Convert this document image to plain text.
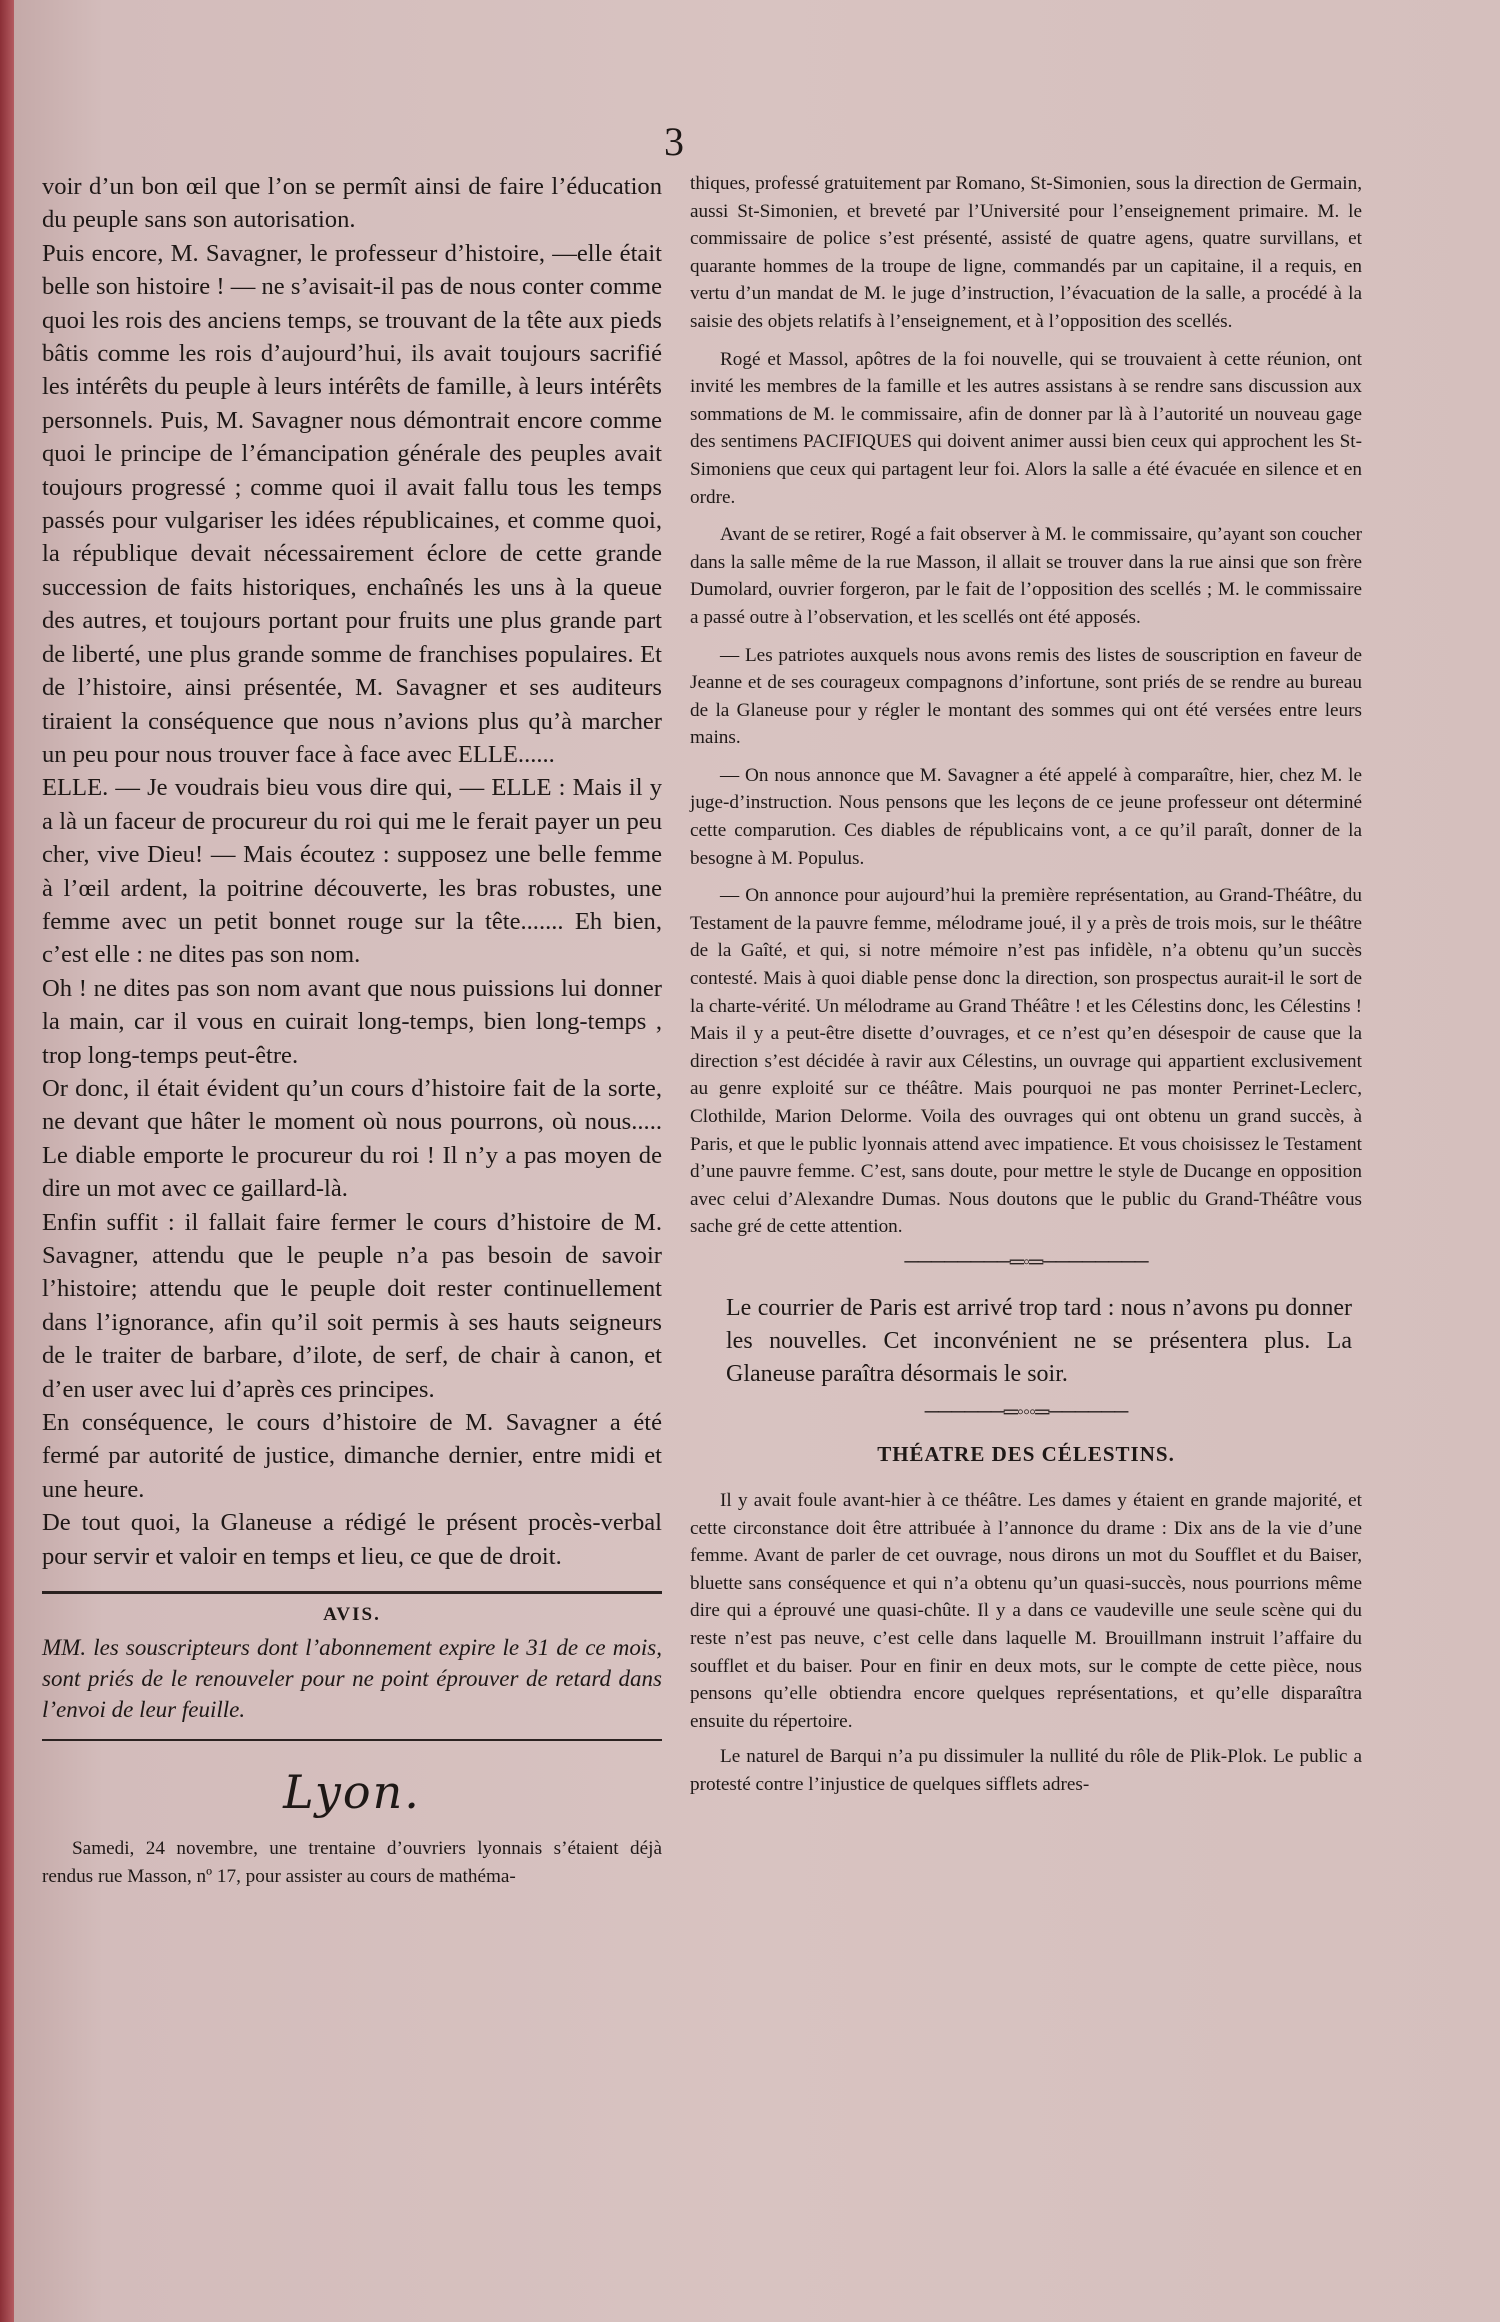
3

voir d’un bon œil que l’on se permît ainsi de faire l’éducation du peuple sans son autorisation.

Puis encore, M. Savagner, le professeur d’histoire, —elle était belle son histoire ! — ne s’avisait-il pas de nous conter comme quoi les rois des anciens temps, se trouvant de la tête aux pieds bâtis comme les rois d’aujourd’hui, ils avait toujours sacrifié les intérêts du peuple à leurs intérêts de famille, à leurs intérêts personnels. Puis, M. Savagner nous démontrait encore comme quoi le principe de l’émancipation générale des peuples avait toujours progressé ; comme quoi il avait fallu tous les temps passés pour vulgariser les idées républicaines, et comme quoi, la république devait nécessairement éclore de cette grande succession de faits historiques, enchaînés les uns à la queue des autres, et toujours portant pour fruits une plus grande part de liberté, une plus grande somme de franchises populaires. Et de l’histoire, ainsi présentée, M. Savagner et ses auditeurs tiraient la conséquence que nous n’avions plus qu’à marcher un peu pour nous trouver face à face avec ELLE......

ELLE. — Je voudrais bieu vous dire qui, — ELLE : Mais il y a là un faceur de procureur du roi qui me le ferait payer un peu cher, vive Dieu! — Mais écoutez : supposez une belle femme à l’œil ardent, la poitrine découverte, les bras robustes, une femme avec un petit bonnet rouge sur la tête....... Eh bien, c’est elle : ne dites pas son nom.

Oh ! ne dites pas son nom avant que nous puissions lui donner la main, car il vous en cuirait long-temps, bien long-temps , trop long-temps peut-être.

Or donc, il était évident qu’un cours d’histoire fait de la sorte, ne devant que hâter le moment où nous pourrons, où nous..... Le diable emporte le procureur du roi ! Il n’y a pas moyen de dire un mot avec ce gaillard-là.

Enfin suffit : il fallait faire fermer le cours d’histoire de M. Savagner, attendu que le peuple n’a pas besoin de savoir l’histoire; attendu que le peuple doit rester continuellement dans l’ignorance, afin qu’il soit permis à ses hauts seigneurs de le traiter de barbare, d’ilote, de serf, de chair à canon, et d’en user avec lui d’après ces principes.

En conséquence, le cours d’histoire de M. Savagner a été fermé par autorité de justice, dimanche dernier, entre midi et une heure.

De tout quoi, la Glaneuse a rédigé le présent procès-verbal pour servir et valoir en temps et lieu, ce que de droit.

AVIS.

MM. les souscripteurs dont l’abonnement expire le 31 de ce mois, sont priés de le renouveler pour ne point éprouver de retard dans l’envoi de leur feuille.

Lyon.

Samedi, 24 novembre, une trentaine d’ouvriers lyonnais s’étaient déjà rendus rue Masson, nº 17, pour assister au cours de mathéma-

thiques, professé gratuitement par Romano, St-Simonien, sous la direction de Germain, aussi St-Simonien, et breveté par l’Université pour l’enseignement primaire. M. le commissaire de police s’est présenté, assisté de quatre agens, quatre survillans, et quarante hommes de la troupe de ligne, commandés par un capitaine, il a requis, en vertu d’un mandat de M. le juge d’instruction, l’évacuation de la salle, a procédé à la saisie des objets relatifs à l’enseignement, et à l’opposition des scellés.

Rogé et Massol, apôtres de la foi nouvelle, qui se trouvaient à cette réunion, ont invité les membres de la famille et les autres assistans à se rendre sans discussion aux sommations de M. le commissaire, afin de donner par là à l’autorité un nouveau gage des sentimens PACIFIQUES qui doivent animer aussi bien ceux qui approchent les St-Simoniens que ceux qui partagent leur foi. Alors la salle a été évacuée en silence et en ordre.

Avant de se retirer, Rogé a fait observer à M. le commissaire, qu’ayant son coucher dans la salle même de la rue Masson, il allait se trouver dans la rue ainsi que son frère Dumolard, ouvrier forgeron, par le fait de l’opposition des scellés ; M. le commissaire a passé outre à l’observation, et les scellés ont été apposés.

— Les patriotes auxquels nous avons remis des listes de souscription en faveur de Jeanne et de ses courageux compagnons d’infortune, sont priés de se rendre au bureau de la Glaneuse pour y régler le montant des sommes qui ont été versées entre leurs mains.

— On nous annonce que M. Savagner a été appelé à comparaître, hier, chez M. le juge-d’instruction. Nous pensons que les leçons de ce jeune professeur ont déterminé cette comparution. Ces diables de républicains vont, a ce qu’il paraît, donner de la besogne à M. Populus.

— On annonce pour aujourd’hui la première représentation, au Grand-Théâtre, du Testament de la pauvre femme, mélodrame joué, il y a près de trois mois, sur le théâtre de la Gaîté, et qui, si notre mémoire n’est pas infidèle, n’a obtenu qu’un succès contesté. Mais à quoi diable pense donc la direction, son prospectus aurait-il le sort de la charte-vérité. Un mélodrame au Grand Théâtre ! et les Célestins donc, les Célestins ! Mais il y a peut-être disette d’ouvrages, et ce n’est qu’en désespoir de cause que la direction s’est décidée à ravir aux Célestins, un ouvrage qui appartient exclusivement au genre exploité sur ce théâtre. Mais pourquoi ne pas monter Perrinet-Leclerc, Clothilde, Marion Delorme. Voila des ouvrages qui ont obtenu un grand succès, à Paris, et que le public lyonnais attend avec impatience. Et vous choisissez le Testament d’une pauvre femme. C’est, sans doute, pour mettre le style de Ducange en opposition avec celui d’Alexandre Dumas. Nous doutons que le public du Grand-Théâtre vous sache gré de cette attention.

────────═◦═────────

Le courrier de Paris est arrivé trop tard : nous n’avons pu donner les nouvelles. Cet inconvénient ne se présentera plus. La Glaneuse paraîtra désormais le soir.

──────═◦◦◦═──────
THÉATRE DES CÉLESTINS.

Il y avait foule avant-hier à ce théâtre. Les dames y étaient en grande majorité, et cette circonstance doit être attribuée à l’annonce du drame : Dix ans de la vie d’une femme. Avant de parler de cet ouvrage, nous dirons un mot du Soufflet et du Baiser, bluette sans conséquence et qui n’a obtenu qu’un quasi-succès, nous pourrions même dire qui a éprouvé une quasi-chûte. Il y a dans ce vaudeville une seule scène qui du reste n’est pas neuve, c’est celle dans laquelle M. Brouillmann instruit l’affaire du soufflet et du baiser. Pour en finir en deux mots, sur le compte de cette pièce, nous pensons qu’elle obtiendra encore quelques représentations, et qu’elle disparaîtra ensuite du répertoire.

Le naturel de Barqui n’a pu dissimuler la nullité du rôle de Plik-Plok. Le public a protesté contre l’injustice de quelques sifflets adres-
